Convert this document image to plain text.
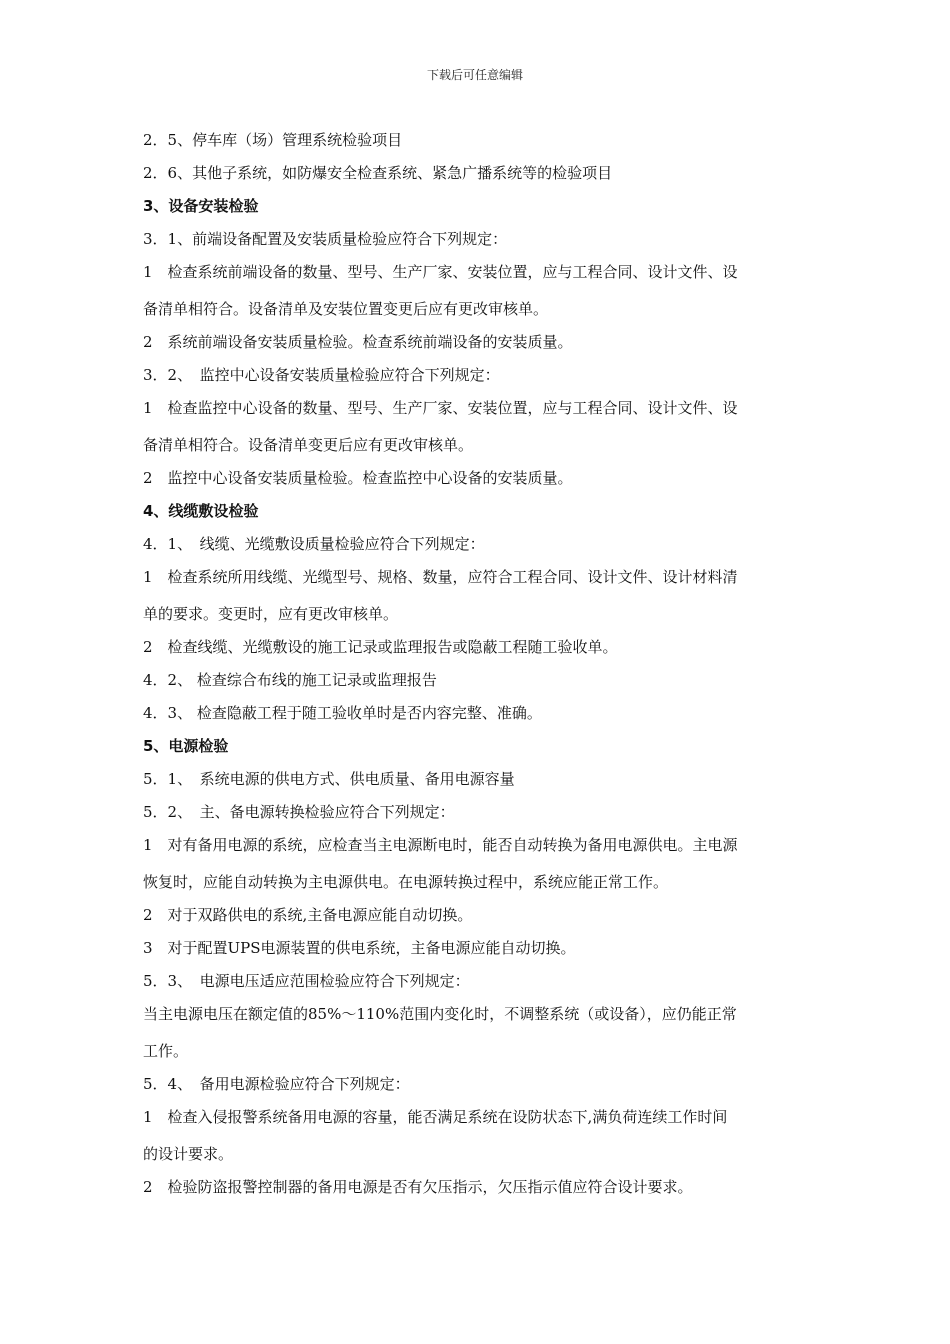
下载后可任意编辑
2．5、停车库（场）管理系统检验项目
2．6、其他子系统，如防爆安全检查系统、紧急广播系统等的检验项目
3、设备安装检验
3．1、前端设备配置及安装质量检验应符合下列规定：
1　检查系统前端设备的数量、型号、生产厂家、安装位置，应与工程合同、设计文件、设
备清单相符合。设备清单及安装位置变更后应有更改审核单。
2　系统前端设备安装质量检验。检查系统前端设备的安装质量。
3．2、　监控中心设备安装质量检验应符合下列规定：
1　检查监控中心设备的数量、型号、生产厂家、安装位置，应与工程合同、设计文件、设
备清单相符合。设备清单变更后应有更改审核单。
2　监控中心设备安装质量检验。检查监控中心设备的安装质量。
4、线缆敷设检验
4．1、　线缆、光缆敷设质量检验应符合下列规定：
1　检查系统所用线缆、光缆型号、规格、数量，应符合工程合同、设计文件、设计材料清
单的要求。变更时，应有更改审核单。
2　检查线缆、光缆敷设的施工记录或监理报告或隐蔽工程随工验收单。
4．2、 检查综合布线的施工记录或监理报告
4．3、 检查隐蔽工程于随工验收单时是否内容完整、准确。
5、电源检验
5．1、　系统电源的供电方式、供电质量、备用电源容量
5．2、　主、备电源转换检验应符合下列规定：
1　对有备用电源的系统，应检查当主电源断电时，能否自动转换为备用电源供电。主电源
恢复时，应能自动转换为主电源供电。在电源转换过程中，系统应能正常工作。
2　对于双路供电的系统,主备电源应能自动切换。
3　对于配置UPS电源装置的供电系统，主备电源应能自动切换。
5．3、　电源电压适应范围检验应符合下列规定：
当主电源电压在额定值的85%～110%范围内变化时，不调整系统（或设备），应仍能正常
工作。
5．4、　备用电源检验应符合下列规定：
1　检查入侵报警系统备用电源的容量，能否满足系统在设防状态下,满负荷连续工作时间
的设计要求。
2　检验防盗报警控制器的备用电源是否有欠压指示，欠压指示值应符合设计要求。
